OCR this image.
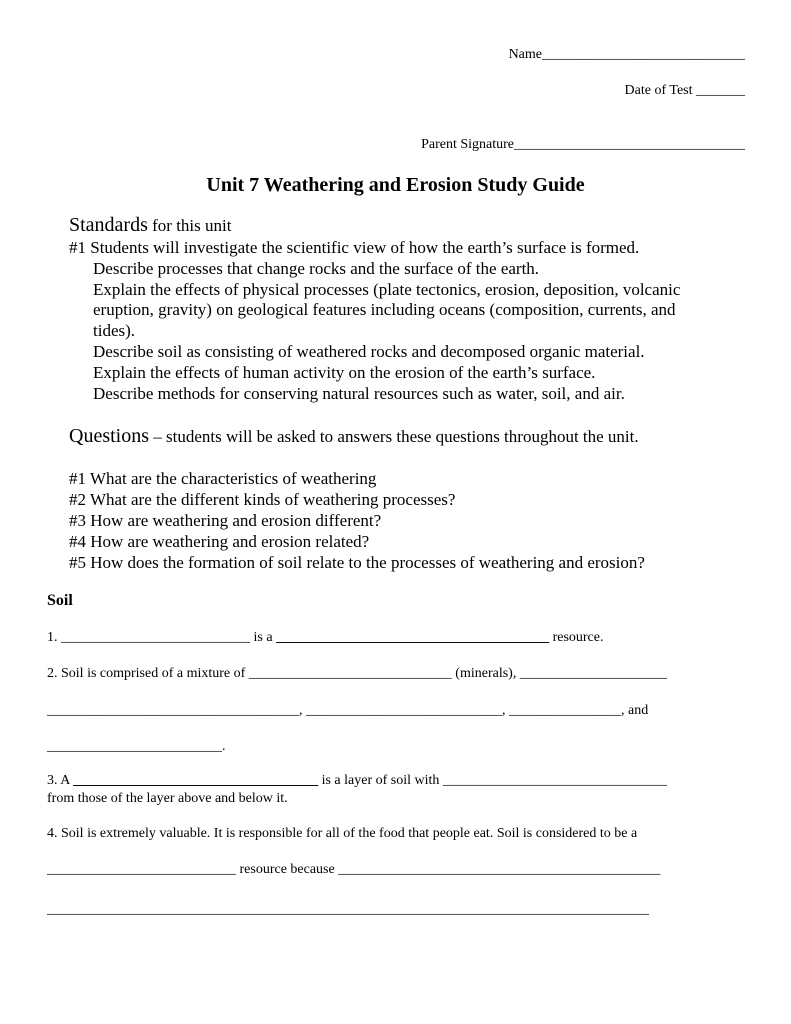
Name_____________________________
Date of Test _______
Parent Signature_________________________________
Unit 7 Weathering and Erosion Study Guide
Standards for this unit
#1 Students will investigate the scientific view of how the earth’s surface is formed.
Describe processes that change rocks and the surface of the earth.
Explain the effects of physical processes (plate tectonics, erosion, deposition, volcanic
eruption, gravity) on geological features including oceans (composition, currents, and
tides).
Describe soil as consisting of weathered rocks and decomposed organic material.
Explain the effects of human activity on the erosion of the earth’s surface.
Describe methods for conserving natural resources such as water, soil, and air.
Questions – students will be asked to answers these questions throughout the unit.
#1 What are the characteristics of weathering
#2 What are the different kinds of weathering processes?
#3 How are weathering and erosion different?
#4 How are weathering and erosion related?
#5 How does the formation of soil relate to the processes of weathering and erosion?
Soil
1. ___________________________ is a _______________________________________ resource.
2. Soil is comprised of a mixture of _____________________________ (minerals), _____________________
____________________________________, ____________________________, ________________, and
_________________________.
3. A ___________________________________ is a layer of soil with ________________________________
from those of the layer above and below it.
4. Soil is extremely valuable. It is responsible for all of the food that people eat. Soil is considered to be a
___________________________ resource because ______________________________________________
______________________________________________________________________________________
